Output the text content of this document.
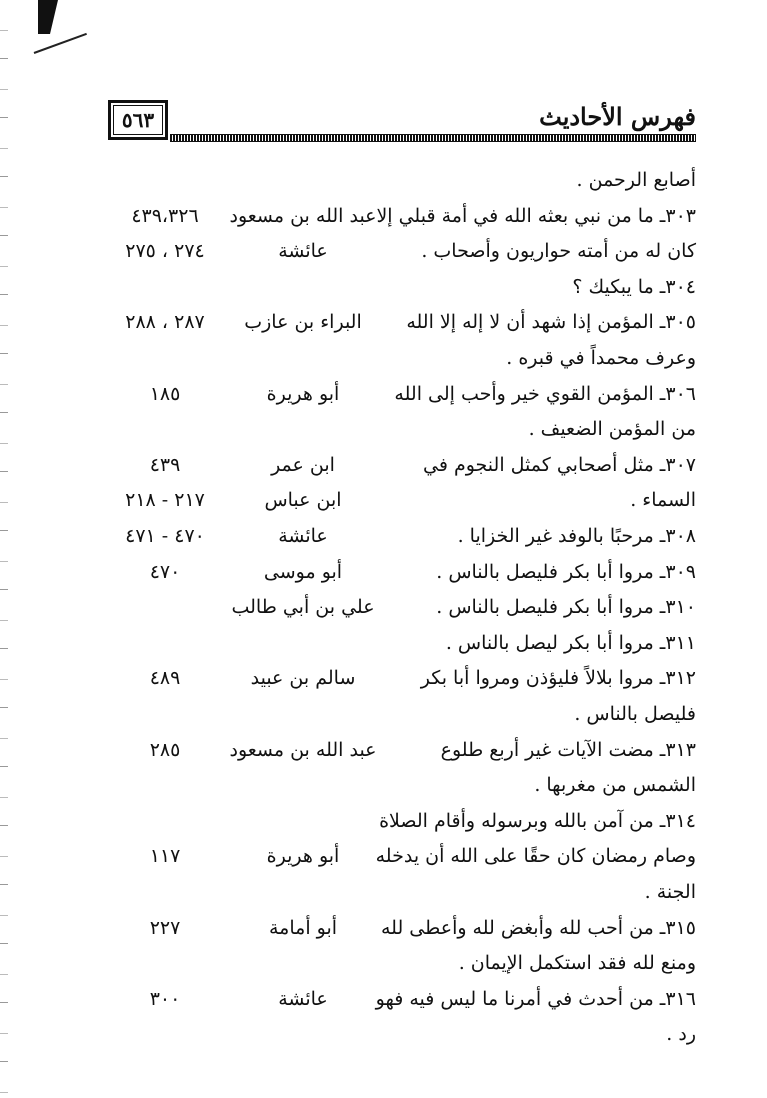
٥٦٣	فهرس الأحاديث
أصابع الرحمن .
٣٠٣ـ ما من نبي بعثه الله في أمة قبلي إلا
عبد الله بن مسعود
٤٣٩،٣٢٦
كان له من أمته حواريون وأصحاب .
عائشة
٢٧٤ ، ٢٧٥
٣٠٤ـ ما يبكيك ؟
٣٠٥ـ المؤمن إذا شهد أن لا إله إلا الله
البراء بن عازب
٢٨٧ ، ٢٨٨
وعرف محمداً في قبره .
٣٠٦ـ المؤمن القوي خير وأحب إلى الله
أبو هريرة
١٨٥
من المؤمن الضعيف .
٣٠٧ـ مثل أصحابي كمثل النجوم في
ابن عمر
٤٣٩
السماء .
ابن عباس
٢١٧ - ٢١٨
٣٠٨ـ مرحبًا بالوفد غير الخزايا .
عائشة
٤٧٠ - ٤٧١
٣٠٩ـ مروا أبا بكر فليصل بالناس .
أبو موسى
٤٧٠
٣١٠ـ مروا أبا بكر فليصل بالناس .
علي بن أبي طالب
٣١١ـ مروا أبا بكر ليصل بالناس .
٣١٢ـ مروا بلالاً فليؤذن ومروا أبا بكر
سالم بن عبيد
٤٨٩
فليصل بالناس .
٣١٣ـ مضت الآيات غير أربع طلوع
عبد الله بن مسعود
٢٨٥
الشمس من مغربها .
٣١٤ـ من آمن بالله وبرسوله وأقام الصلاة
وصام رمضان كان حقًا على الله أن يدخله
أبو هريرة
١١٧
الجنة .
٣١٥ـ من أحب لله وأبغض لله وأعطى لله
أبو أمامة
٢٢٧
ومنع لله فقد استكمل الإيمان .
٣١٦ـ من أحدث في أمرنا ما ليس فيه فهو
عائشة
٣٠٠
رد .
